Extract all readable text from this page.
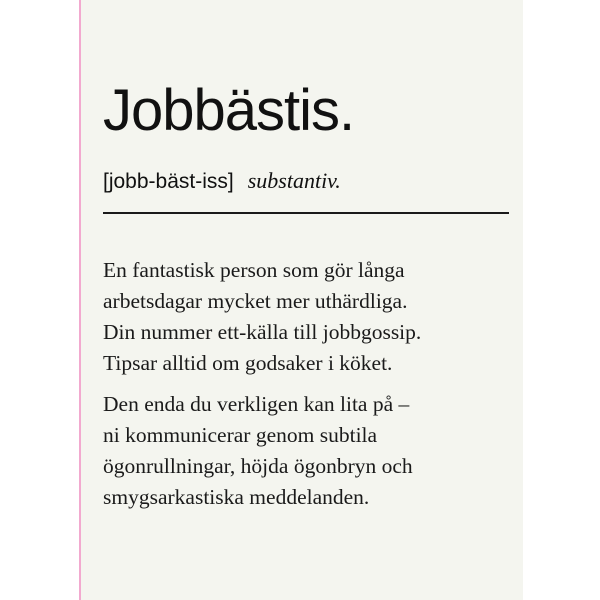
Jobbästis.
[jobb-bäst-iss] substantiv.

En fantastisk person som gör långa
arbetsdagar mycket mer uthärdliga.
Din nummer ett-källa till jobbgossip.
Tipsar alltid om godsaker i köket.

Den enda du verkligen kan lita på –
ni kommunicerar genom subtila
ögonrullningar, höjda ögonbryn och
smygsarkastiska meddelanden.
